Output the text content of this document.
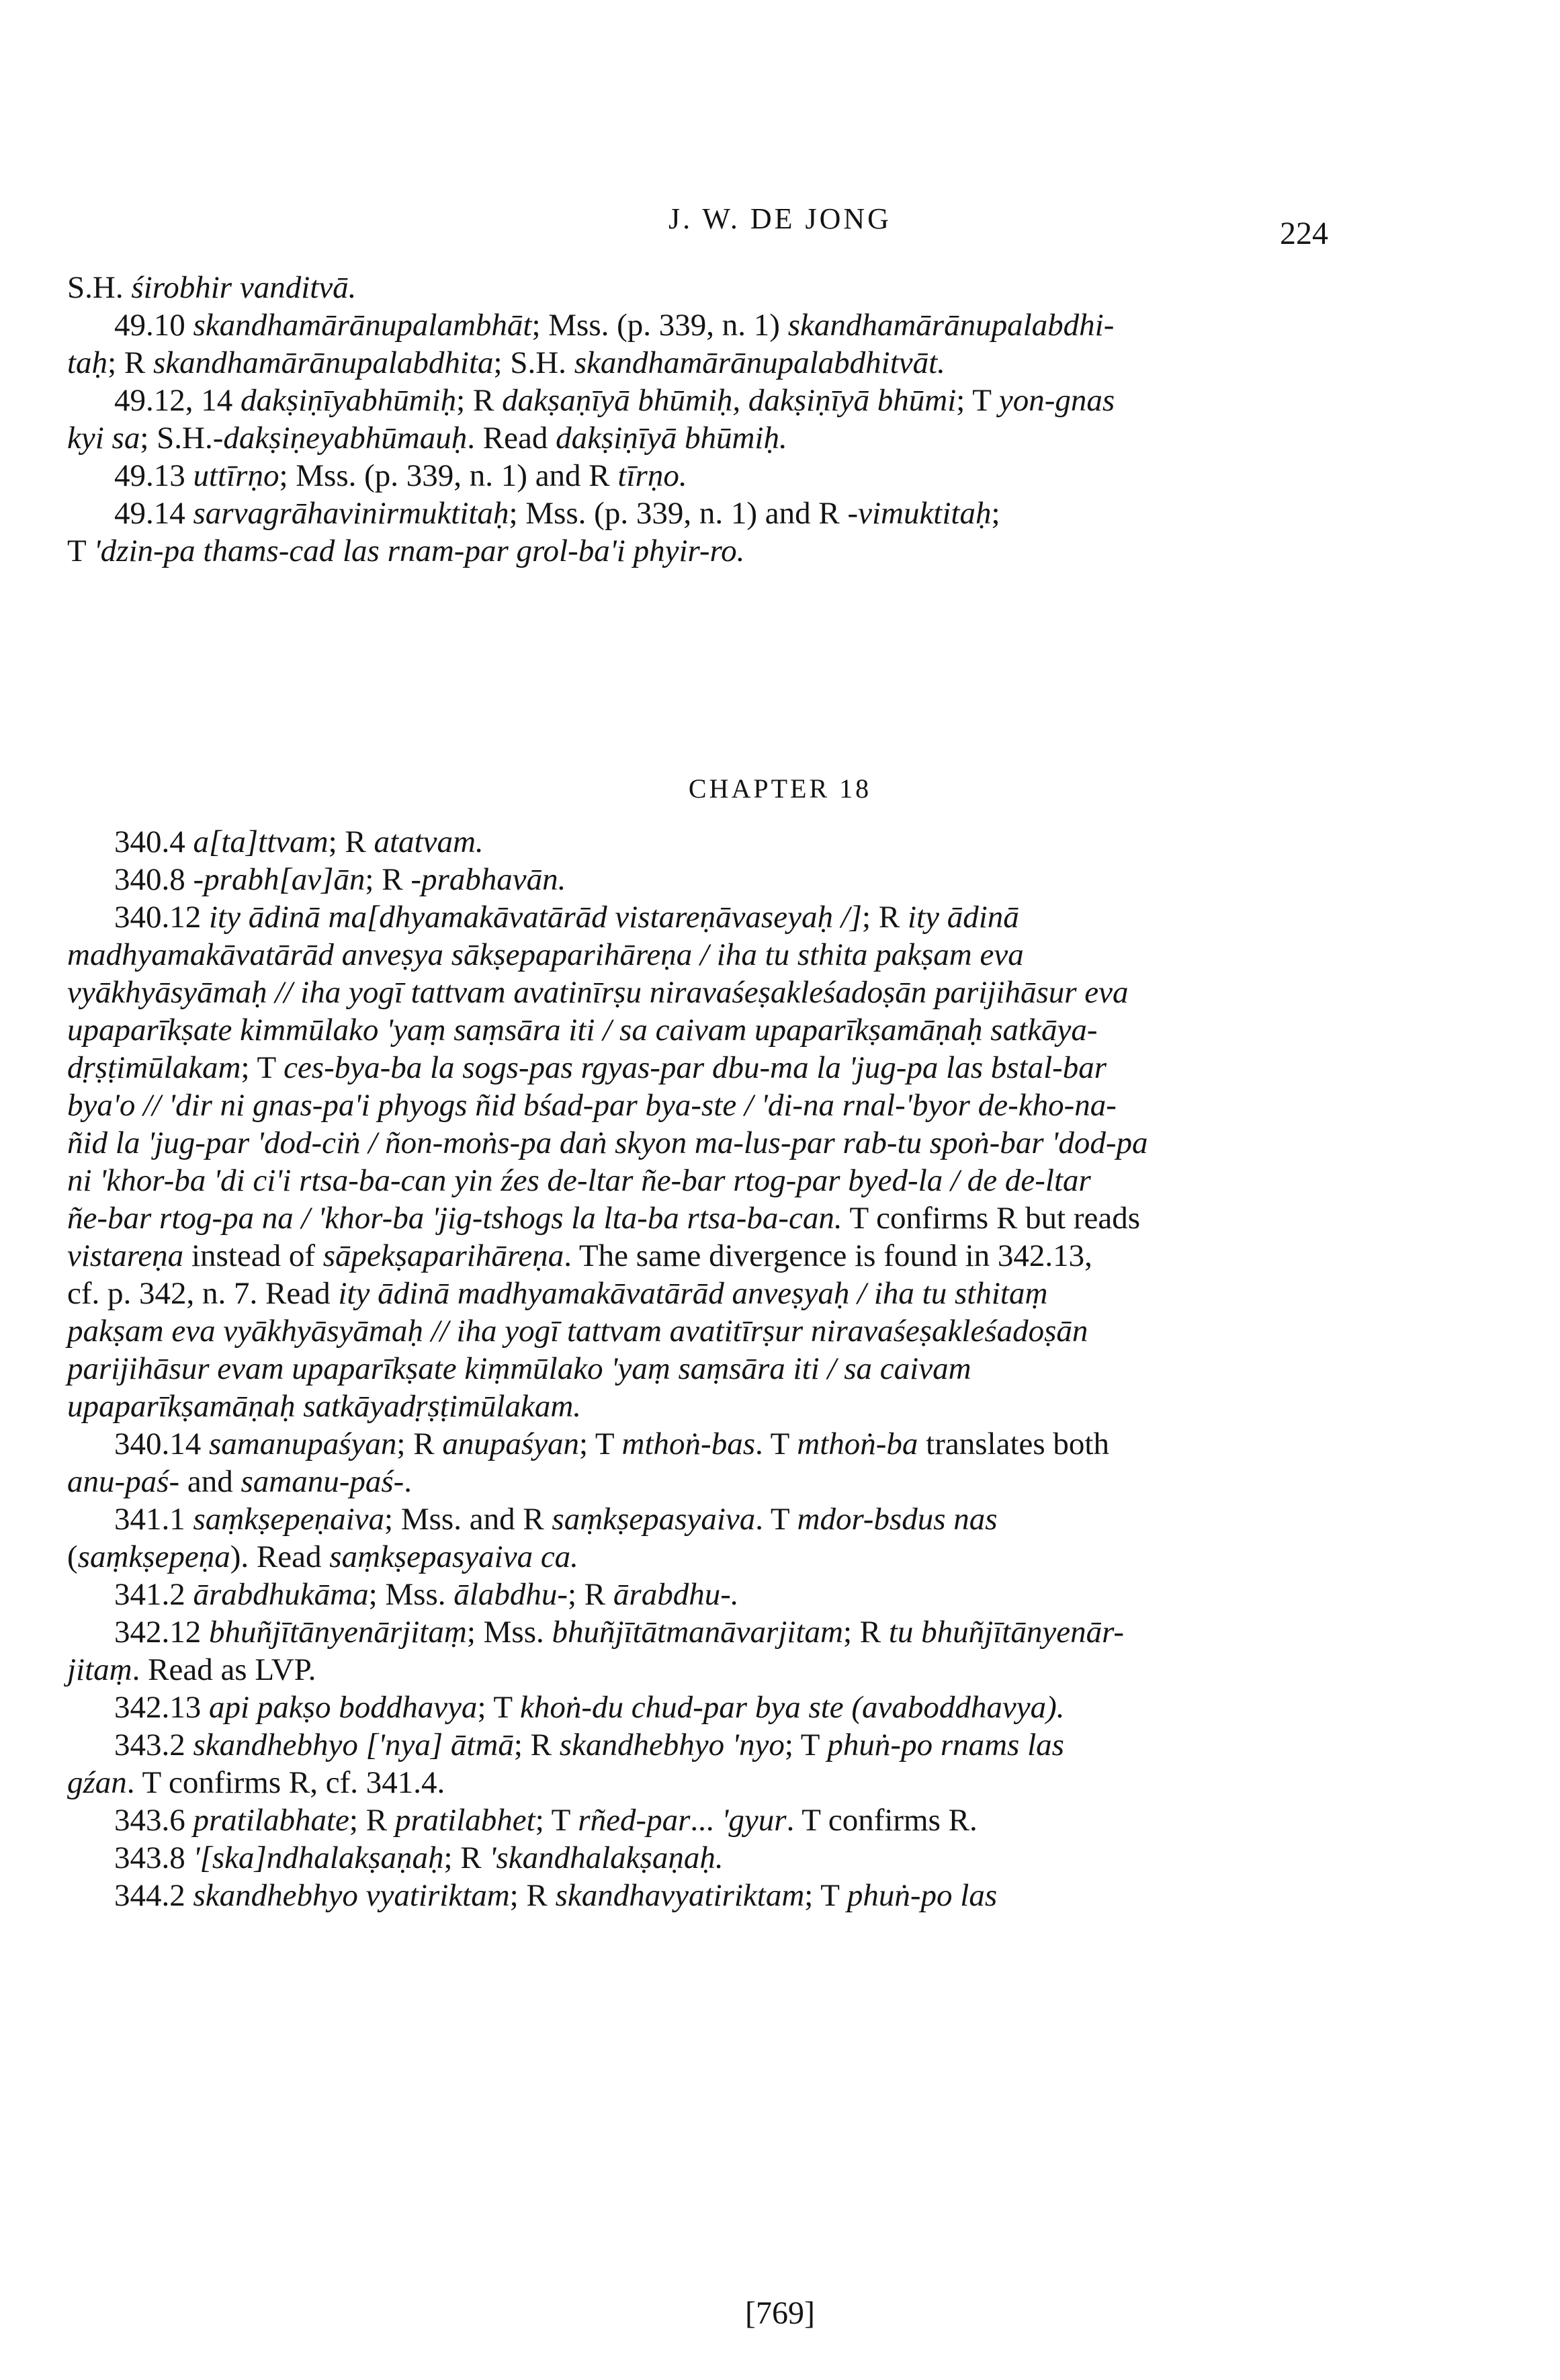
J. W. DE JONG	224
S.H. śirobhir vanditvā.
49.10 skandhamārānupalambhāt; Mss. (p. 339, n. 1) skandhamārānupalabdhi-
taḥ; R skandhamārānupalabdhita; S.H. skandhamārānupalabdhitvāt.
49.12, 14 dakṣiṇīyabhūmiḥ; R dakṣaṇīyā bhūmiḥ, dakṣiṇīyā bhūmi; T yon-gnas
kyi sa; S.H.-dakṣiṇeyabhūmauḥ. Read dakṣiṇīyā bhūmiḥ.
49.13 uttīrṇo; Mss. (p. 339, n. 1) and R tīrṇo.
49.14 sarvagrāhavinirmuktitaḥ; Mss. (p. 339, n. 1) and R -vimuktitaḥ;
T 'dzin-pa thams-cad las rnam-par grol-ba'i phyir-ro.
CHAPTER 18
340.4 a[ta]ttvam; R atatvam.
340.8 -prabh[av]ān; R -prabhavān.
340.12 ity ādinā ma[dhyamakāvatārād vistareṇāvaseyaḥ /]; R ity ādinā
madhyamakāvatārād anveṣya sākṣepaparihāreṇa / iha tu sthita pakṣam eva
vyākhyāsyāmaḥ // iha yogī tattvam avatinīrṣu niravaśeṣakleśadoṣān parijihāsur eva
upaparīkṣate kimmūlako 'yaṃ saṃsāra iti / sa caivam upaparīkṣamāṇaḥ satkāya-
dṛṣṭimūlakam; T ces-bya-ba la sogs-pas rgyas-par dbu-ma la 'jug-pa las bstal-bar
bya'o // 'dir ni gnas-pa'i phyogs ñid bśad-par bya-ste / 'di-na rnal-'byor de-kho-na-
ñid la 'jug-par 'dod-ciṅ / ñon-moṅs-pa daṅ skyon ma-lus-par rab-tu spoṅ-bar 'dod-pa
ni 'khor-ba 'di ci'i rtsa-ba-can yin źes de-ltar ñe-bar rtog-par byed-la / de de-ltar
ñe-bar rtog-pa na / 'khor-ba 'jig-tshogs la lta-ba rtsa-ba-can. T confirms R but reads
vistareṇa instead of sāpekṣaparihāreṇa. The same divergence is found in 342.13,
cf. p. 342, n. 7. Read ity ādinā madhyamakāvatārād anveṣyaḥ / iha tu sthitaṃ
pakṣam eva vyākhyāsyāmaḥ // iha yogī tattvam avatitīrṣur niravaśeṣakleśadoṣān
parijihāsur evam upaparīkṣate kiṃmūlako 'yaṃ saṃsāra iti / sa caivam
upaparīkṣamāṇaḥ satkāyadṛṣṭimūlakam.
340.14 samanupaśyan; R anupaśyan; T mthoṅ-bas. T mthoṅ-ba translates both
anu-paś- and samanu-paś-.
341.1 saṃkṣepeṇaiva; Mss. and R saṃkṣepasyaiva. T mdor-bsdus nas
(saṃkṣepeṇa). Read saṃkṣepasyaiva ca.
341.2 ārabdhukāma; Mss. ālabdhu-; R ārabdhu-.
342.12 bhuñjītānyenārjitaṃ; Mss. bhuñjītātmanāvarjitam; R tu bhuñjītānyenār-
jitaṃ. Read as LVP.
342.13 api pakṣo boddhavya; T khoṅ-du chud-par bya ste (avaboddhavya).
343.2 skandhebhyo ['nya] ātmā; R skandhebhyo 'nyo; T phuṅ-po rnams las
gźan. T confirms R, cf. 341.4.
343.6 pratilabhate; R pratilabhet; T rñed-par... 'gyur. T confirms R.
343.8 '[ska]ndhalakṣaṇaḥ; R 'skandhalakṣaṇaḥ.
344.2 skandhebhyo vyatiriktam; R skandhavyatiriktam; T phuṅ-po las
[769]
